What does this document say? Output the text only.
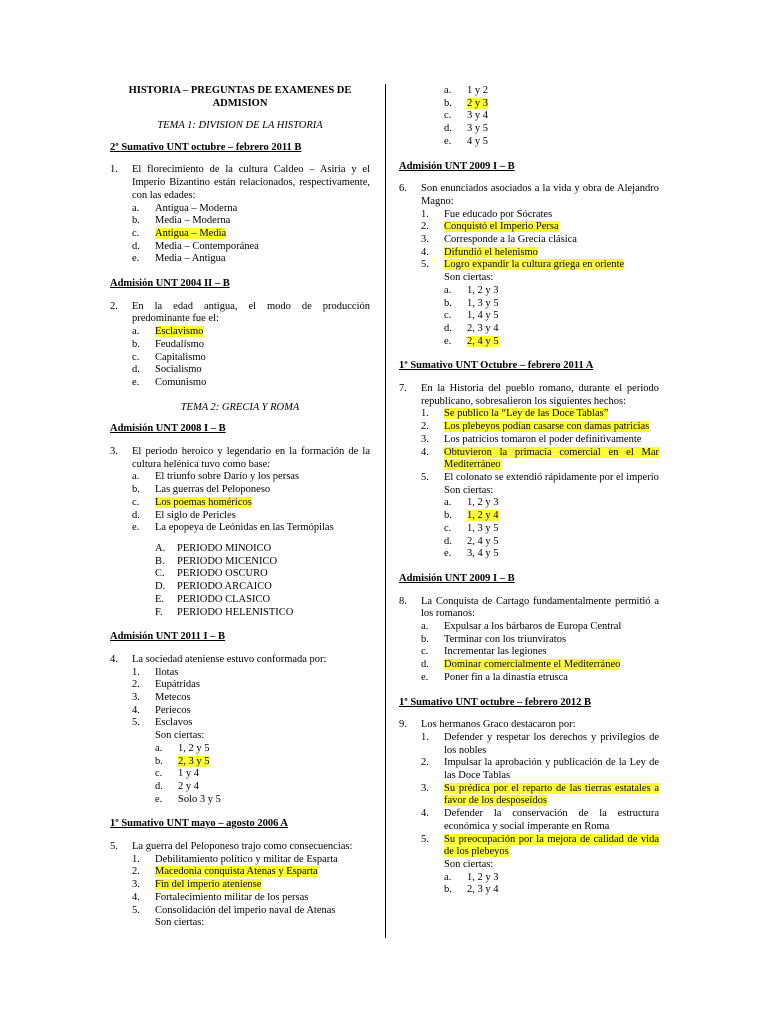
HISTORIA – PREGUNTAS DE EXAMENES DE ADMISION
TEMA 1: DIVISION DE LA HISTORIA
2º Sumativo UNT octubre – febrero 2011 B
1.	El florecimiento de la cultura Caldeo – Asiria y el Imperio Bizantino están relacionados, respectivamente, con las edades:
a.	Antigua – Moderna
b.	Media – Moderna
c.	Antigua – Media
d.	Media – Contemporánea
e.	Media – Antigua
Admisión UNT 2004 II – B
2.	En la edad antigua, el modo de producción predominante fue el:
a.	Esclavismo
b.	Feudalismo
c.	Capitalismo
d.	Socialismo
e.	Comunismo
TEMA 2: GRECIA Y ROMA
Admisión UNT 2008 I – B
3.	El periodo heroico y legendario en la formación de la cultura helénica tuvo como base:
a.	El triunfo sobre Darío y los persas
b.	Las guerras del Peloponeso
c.	Los poemas homéricos
d.	El siglo de Pericles
e.	La epopeya de Leónidas en las Termópilas
A.	PERIODO MINOICO
B.	PERIODO MICENICO
C.	PERIODO OSCURO
D.	PERIODO ARCAICO
E.	PERIODO CLASICO
F.	PERIODO HELENISTICO
Admisión UNT 2011 I – B
4.	La sociedad ateniense estuvo conformada por:
1.	Ilotas
2.	Eupátridas
3.	Metecos
4.	Periecos
5.	Esclavos
Son ciertas:
a.	1, 2 y 5
b.	2, 3 y 5
c.	1 y 4
d.	2 y 4
e.	Solo 3 y 5
1º Sumativo UNT mayo – agosto 2006 A
5.	La guerra del Peloponeso trajo como consecuencias:
1.	Debilitamiento político y militar de Esparta
2.	Macedonia conquista Atenas y Esparta
3.	Fin del imperio ateniense
4.	Fortalecimiento militar de los persas
5.	Consolidación del imperio naval de Atenas
Son ciertas:
a.	1 y 2
b.	2 y 3
c.	3 y 4
d.	3 y 5
e.	4 y 5
Admisión UNT 2009 I – B
6.	Son enunciados asociados a la vida y obra de Alejandro Magno:
1.	Fue educado por Sócrates
2.	Conquistó el Imperio Persa
3.	Corresponde a la Grecia clásica
4.	Difundió el helenismo
5.	Logro expandir la cultura griega en oriente
Son ciertas:
a.	1, 2 y 3
b.	1, 3 y 5
c.	1, 4 y 5
d.	2, 3 y 4
e.	2, 4 y 5
1º Sumativo UNT Octubre – febrero 2011 A
7.	En la Historia del pueblo romano, durante el periodo republicano, sobresalieron los siguientes hechos:
1.	Se publico la “Ley de las Doce Tablas”
2.	Los plebeyos podían casarse con damas patricias
3.	Los patricios tomaron el poder definitivamente
4.	Obtuvieron la primacía comercial en el Mar Mediterráneo
5.	El colonato se extendió rápidamente por el imperio
Son ciertas:
a.	1, 2 y 3
b.	1, 2 y 4
c.	1, 3 y 5
d.	2, 4 y 5
e.	3, 4 y 5
Admisión UNT 2009 I – B
8.	La Conquista de Cartago fundamentalmente permitió a los romanos:
a.	Expulsar a los bárbaros de Europa Central
b.	Terminar con los triunviratos
c.	Incrementar las legiones
d.	Dominar comercialmente el Mediterráneo
e.	Poner fin a la dinastía etrusca
1º Sumativo UNT octubre – febrero 2012 B
9.	Los hermanos Graco destacaron por:
1.	Defender y respetar los derechos y privilegios de los nobles
2.	Impulsar la aprobación y publicación de la Ley de las Doce Tablas
3.	Su prédica por el reparto de las tierras estatales a favor de los desposeídos
4.	Defender la conservación de la estructura económica y social imperante en Roma
5.	Su preocupación por la mejora de calidad de vida de los plebeyos
Son ciertas:
a.	1, 2 y 3
b.	2, 3 y 4
